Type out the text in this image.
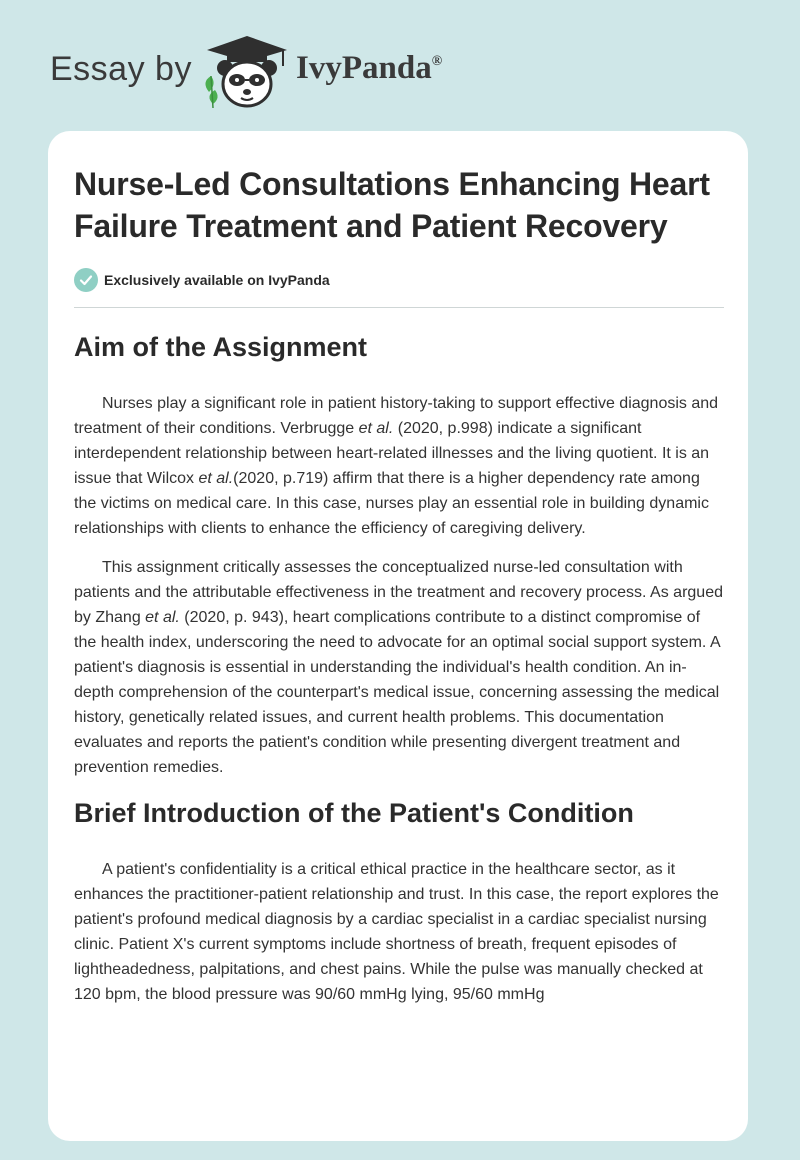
Essay by	IvyPanda®
Nurse-Led Consultations Enhancing Heart Failure Treatment and Patient Recovery
Exclusively available on IvyPanda
Aim of the Assignment

Nurses play a significant role in patient history-taking to support effective diagnosis and treatment of their conditions. Verbrugge et al. (2020, p.998) indicate a significant interdependent relationship between heart-related illnesses and the living quotient. It is an issue that Wilcox et al.(2020, p.719) affirm that there is a higher dependency rate among the victims on medical care. In this case, nurses play an essential role in building dynamic relationships with clients to enhance the efficiency of caregiving delivery.

This assignment critically assesses the conceptualized nurse-led consultation with patients and the attributable effectiveness in the treatment and recovery process. As argued by Zhang et al. (2020, p. 943), heart complications contribute to a distinct compromise of the health index, underscoring the need to advocate for an optimal social support system. A patient's diagnosis is essential in understanding the individual's health condition. An in-depth comprehension of the counterpart's medical issue, concerning assessing the medical history, genetically related issues, and current health problems. This documentation evaluates and reports the patient's condition while presenting divergent treatment and prevention remedies.

Brief Introduction of the Patient's Condition

A patient's confidentiality is a critical ethical practice in the healthcare sector, as it enhances the practitioner-patient relationship and trust. In this case, the report explores the patient's profound medical diagnosis by a cardiac specialist in a cardiac specialist nursing clinic. Patient X's current symptoms include shortness of breath, frequent episodes of lightheadedness, palpitations, and chest pains. While the pulse was manually checked at 120 bpm, the blood pressure was 90/60 mmHg lying, 95/60 mmHg
